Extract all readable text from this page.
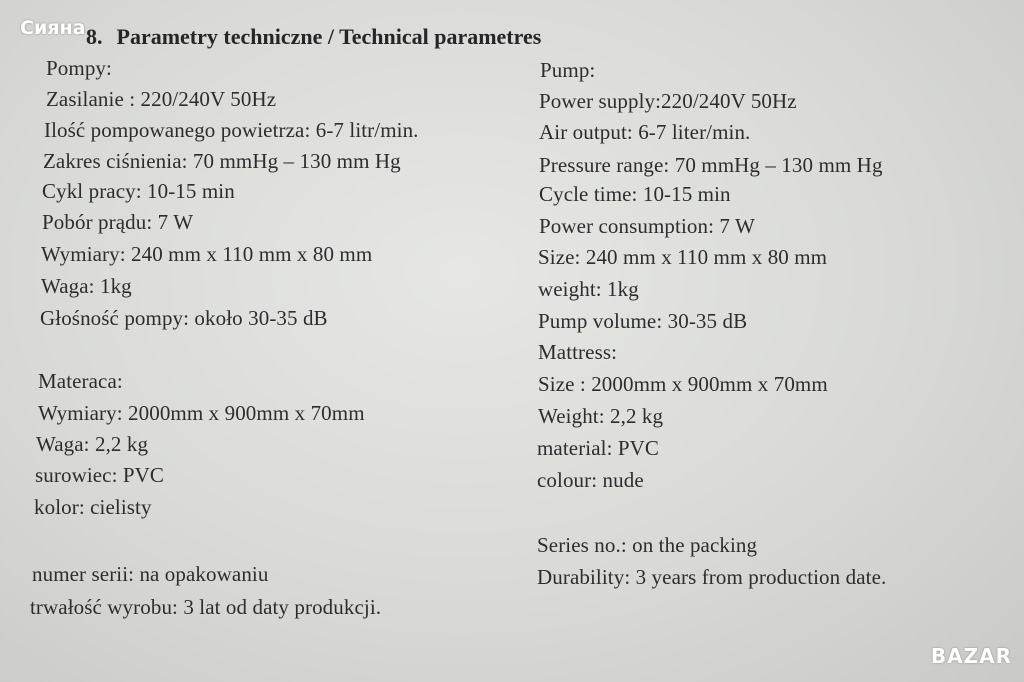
Сияна 8. Parametry techniczne / Technical parametres
Pompy:
Zasilanie : 220/240V 50Hz
Ilość pompowanego powietrza: 6-7 litr/min.
Zakres ciśnienia: 70 mmHg – 130 mm Hg
Cykl pracy: 10-15 min
Pobór prądu: 7 W
Wymiary: 240 mm x 110 mm x 80 mm
Waga: 1kg
Głośność pompy: około 30-35 dB
Materaca:
Wymiary: 2000mm x 900mm x 70mm
Waga: 2,2 kg
surowiec: PVC
kolor: cielisty
numer serii: na opakowaniu
trwałość wyrobu: 3 lat od daty produkcji.
Pump:
Power supply:220/240V 50Hz
Air output: 6-7 liter/min.
Pressure range: 70 mmHg – 130 mm Hg
Cycle time: 10-15 min
Power consumption: 7 W
Size: 240 mm x 110 mm x 80 mm
weight: 1kg
Pump volume: 30-35 dB
Mattress:
Size : 2000mm x 900mm x 70mm
Weight: 2,2 kg
material: PVC
colour: nude
Series no.: on the packing
Durability: 3 years from production date.
BAZAR
